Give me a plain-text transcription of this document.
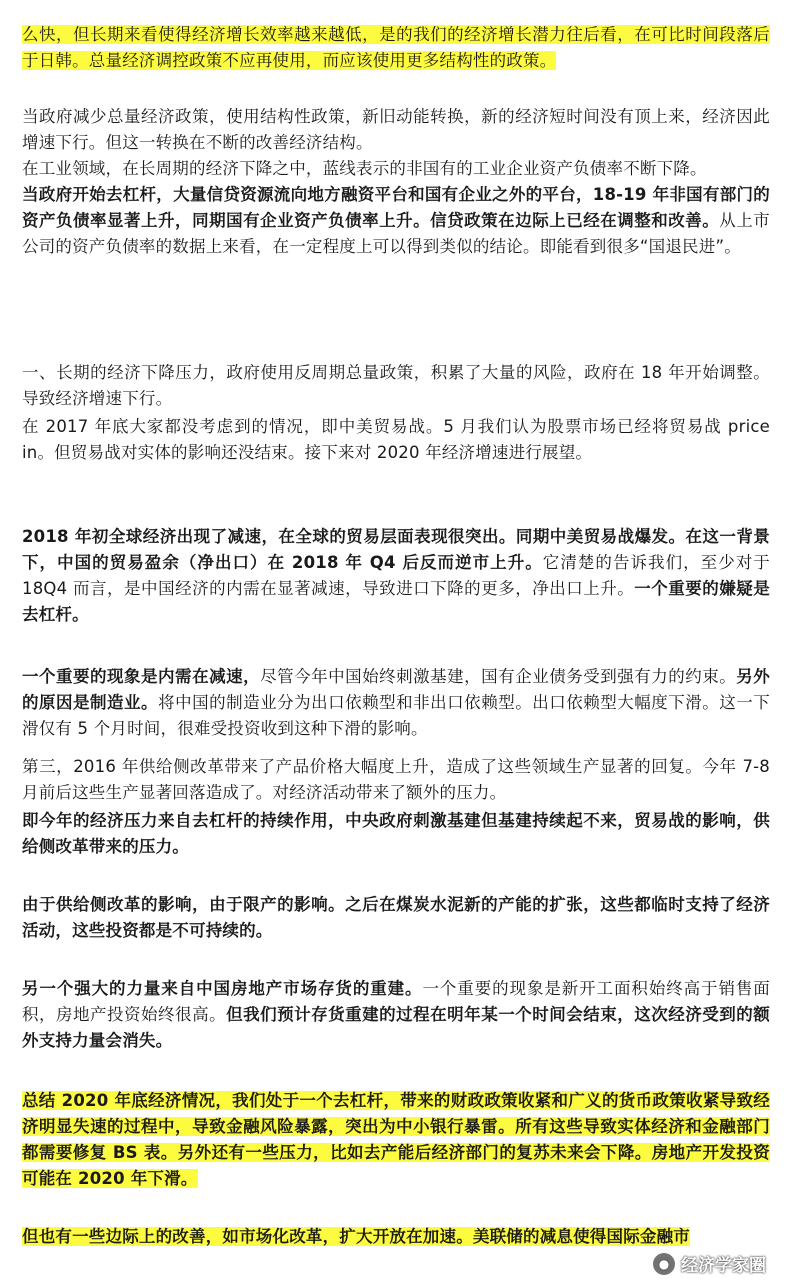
么快，但长期来看使得经济增长效率越来越低，是的我们的经济增长潜力往后看，在可比时间段落后于日韩。总量经济调控政策不应再使用，而应该使用更多结构性的政策。

当政府减少总量经济政策，使用结构性政策，新旧动能转换，新的经济短时间没有顶上来，经济因此增速下行。但这一转换在不断的改善经济结构。

在工业领域，在长周期的经济下降之中，蓝线表示的非国有的工业企业资产负债率不断下降。

当政府开始去杠杆，大量信贷资源流向地方融资平台和国有企业之外的平台，18-19 年非国有部门的资产负债率显著上升，同期国有企业资产负债率上升。信贷政策在边际上已经在调整和改善。从上市公司的资产负债率的数据上来看，在一定程度上可以得到类似的结论。即能看到很多“国退民进”。

一、长期的经济下降压力，政府使用反周期总量政策，积累了大量的风险，政府在 18 年开始调整。导致经济增速下行。

在 2017 年底大家都没考虑到的情况，即中美贸易战。5 月我们认为股票市场已经将贸易战 price in。但贸易战对实体的影响还没结束。接下来对 2020 年经济增速进行展望。

2018 年初全球经济出现了减速，在全球的贸易层面表现很突出。同期中美贸易战爆发。在这一背景下，中国的贸易盈余（净出口）在 2018 年 Q4 后反而逆市上升。它清楚的告诉我们，至少对于 18Q4 而言，是中国经济的内需在显著减速，导致进口下降的更多，净出口上升。一个重要的嫌疑是去杠杆。

一个重要的现象是内需在减速，尽管今年中国始终刺激基建，国有企业债务受到强有力的约束。另外的原因是制造业。将中国的制造业分为出口依赖型和非出口依赖型。出口依赖型大幅度下滑。这一下滑仅有 5 个月时间，很难受投资收到这种下滑的影响。

第三，2016 年供给侧改革带来了产品价格大幅度上升，造成了这些领域生产显著的回复。今年 7-8 月前后这些生产显著回落造成了。对经济活动带来了额外的压力。

即今年的经济压力来自去杠杆的持续作用，中央政府刺激基建但基建持续起不来，贸易战的影响，供给侧改革带来的压力。

由于供给侧改革的影响，由于限产的影响。之后在煤炭水泥新的产能的扩张，这些都临时支持了经济活动，这些投资都是不可持续的。

另一个强大的力量来自中国房地产市场存货的重建。一个重要的现象是新开工面积始终高于销售面积，房地产投资始终很高。但我们预计存货重建的过程在明年某一个时间会结束，这次经济受到的额外支持力量会消失。

总结 2020 年底经济情况，我们处于一个去杠杆，带来的财政政策收紧和广义的货币政策收紧导致经济明显失速的过程中，导致金融风险暴露，突出为中小银行暴雷。所有这些导致实体经济和金融部门都需要修复 BS 表。另外还有一些压力，比如去产能后经济部门的复苏未来会下降。房地产开发投资可能在 2020 年下滑。

但也有一些边际上的改善，如市场化改革，扩大开放在加速。美联储的减息使得国际金融市

● 经济学家圈
